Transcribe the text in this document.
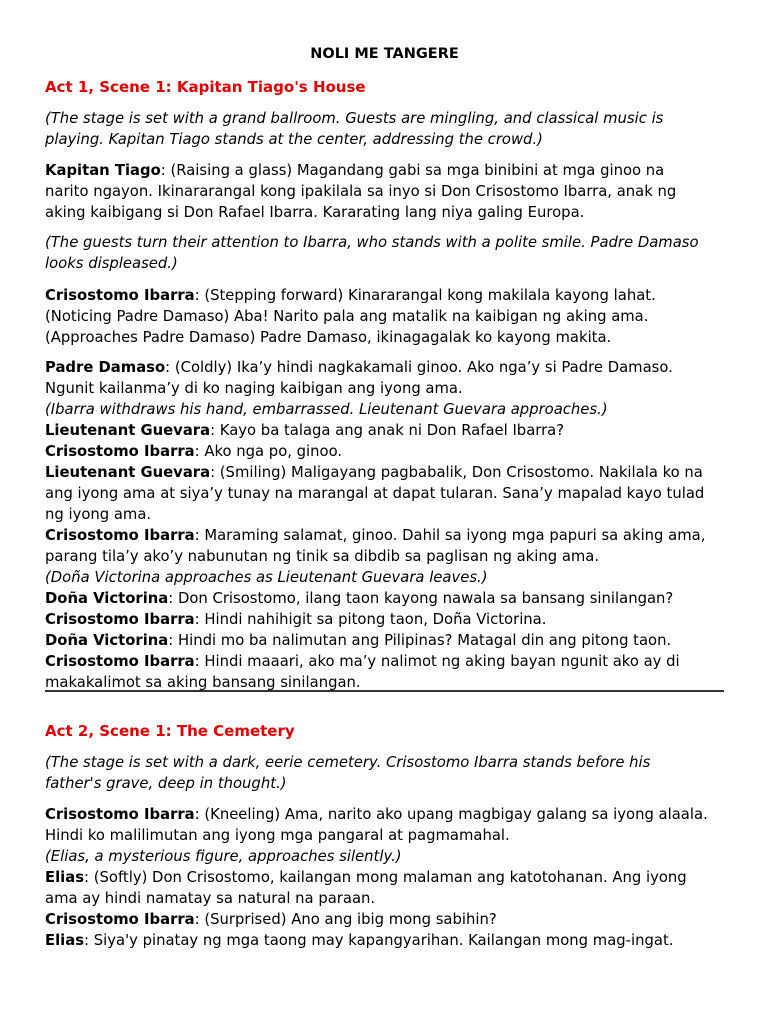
NOLI ME TANGERE
Act 1, Scene 1: Kapitan Tiago's House
(The stage is set with a grand ballroom. Guests are mingling, and classical music is
playing. Kapitan Tiago stands at the center, addressing the crowd.)
Kapitan Tiago: (Raising a glass) Magandang gabi sa mga binibini at mga ginoo na
narito ngayon. Ikinararangal kong ipakilala sa inyo si Don Crisostomo Ibarra, anak ng
aking kaibigang si Don Rafael Ibarra. Kararating lang niya galing Europa.
(The guests turn their attention to Ibarra, who stands with a polite smile. Padre Damaso
looks displeased.)
Crisostomo Ibarra: (Stepping forward) Kinararangal kong makilala kayong lahat.
(Noticing Padre Damaso) Aba! Narito pala ang matalik na kaibigan ng aking ama.
(Approaches Padre Damaso) Padre Damaso, ikinagagalak ko kayong makita.
Padre Damaso: (Coldly) Ika’y hindi nagkakamali ginoo. Ako nga’y si Padre Damaso.
Ngunit kailanma’y di ko naging kaibigan ang iyong ama.
(Ibarra withdraws his hand, embarrassed. Lieutenant Guevara approaches.)
Lieutenant Guevara: Kayo ba talaga ang anak ni Don Rafael Ibarra?
Crisostomo Ibarra: Ako nga po, ginoo.
Lieutenant Guevara: (Smiling) Maligayang pagbabalik, Don Crisostomo. Nakilala ko na
ang iyong ama at siya’y tunay na marangal at dapat tularan. Sana’y mapalad kayo tulad
ng iyong ama.
Crisostomo Ibarra: Maraming salamat, ginoo. Dahil sa iyong mga papuri sa aking ama,
parang tila’y ako’y nabunutan ng tinik sa dibdib sa paglisan ng aking ama.
(Doña Victorina approaches as Lieutenant Guevara leaves.)
Doña Victorina: Don Crisostomo, ilang taon kayong nawala sa bansang sinilangan?
Crisostomo Ibarra: Hindi nahihigit sa pitong taon, Doña Victorina.
Doña Victorina: Hindi mo ba nalimutan ang Pilipinas? Matagal din ang pitong taon.
Crisostomo Ibarra: Hindi maaari, ako ma’y nalimot ng aking bayan ngunit ako ay di
makakalimot sa aking bansang sinilangan.
Act 2, Scene 1: The Cemetery
(The stage is set with a dark, eerie cemetery. Crisostomo Ibarra stands before his
father's grave, deep in thought.)
Crisostomo Ibarra: (Kneeling) Ama, narito ako upang magbigay galang sa iyong alaala.
Hindi ko malilimutan ang iyong mga pangaral at pagmamahal.
(Elias, a mysterious figure, approaches silently.)
Elias: (Softly) Don Crisostomo, kailangan mong malaman ang katotohanan. Ang iyong
ama ay hindi namatay sa natural na paraan.
Crisostomo Ibarra: (Surprised) Ano ang ibig mong sabihin?
Elias: Siya'y pinatay ng mga taong may kapangyarihan. Kailangan mong mag-ingat.
